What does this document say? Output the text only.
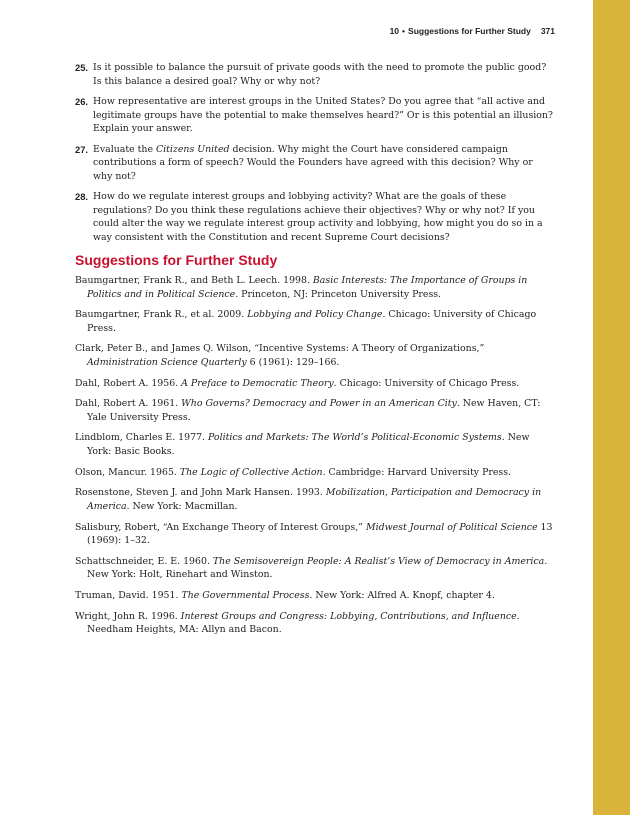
10 • Suggestions for Further Study 371
25. Is it possible to balance the pursuit of private goods with the need to promote the public good? Is this balance a desired goal? Why or why not?
26. How representative are interest groups in the United States? Do you agree that “all active and legitimate groups have the potential to make themselves heard?” Or is this potential an illusion? Explain your answer.
27. Evaluate the Citizens United decision. Why might the Court have considered campaign contributions a form of speech? Would the Founders have agreed with this decision? Why or why not?
28. How do we regulate interest groups and lobbying activity? What are the goals of these regulations? Do you think these regulations achieve their objectives? Why or why not? If you could alter the way we regulate interest group activity and lobbying, how might you do so in a way consistent with the Constitution and recent Supreme Court decisions?
Suggestions for Further Study
Baumgartner, Frank R., and Beth L. Leech. 1998. Basic Interests: The Importance of Groups in Politics and in Political Science. Princeton, NJ: Princeton University Press.
Baumgartner, Frank R., et al. 2009. Lobbying and Policy Change. Chicago: University of Chicago Press.
Clark, Peter B., and James Q. Wilson, “Incentive Systems: A Theory of Organizations,” Administration Science Quarterly 6 (1961): 129–166.
Dahl, Robert A. 1956. A Preface to Democratic Theory. Chicago: University of Chicago Press.
Dahl, Robert A. 1961. Who Governs? Democracy and Power in an American City. New Haven, CT: Yale University Press.
Lindblom, Charles E. 1977. Politics and Markets: The World’s Political-Economic Systems. New York: Basic Books.
Olson, Mancur. 1965. The Logic of Collective Action. Cambridge: Harvard University Press.
Rosenstone, Steven J. and John Mark Hansen. 1993. Mobilization, Participation and Democracy in America. New York: Macmillan.
Salisbury, Robert, “An Exchange Theory of Interest Groups,” Midwest Journal of Political Science 13 (1969): 1–32.
Schattschneider, E. E. 1960. The Semisovereign People: A Realist’s View of Democracy in America. New York: Holt, Rinehart and Winston.
Truman, David. 1951. The Governmental Process. New York: Alfred A. Knopf, chapter 4.
Wright, John R. 1996. Interest Groups and Congress: Lobbying, Contributions, and Influence. Needham Heights, MA: Allyn and Bacon.
